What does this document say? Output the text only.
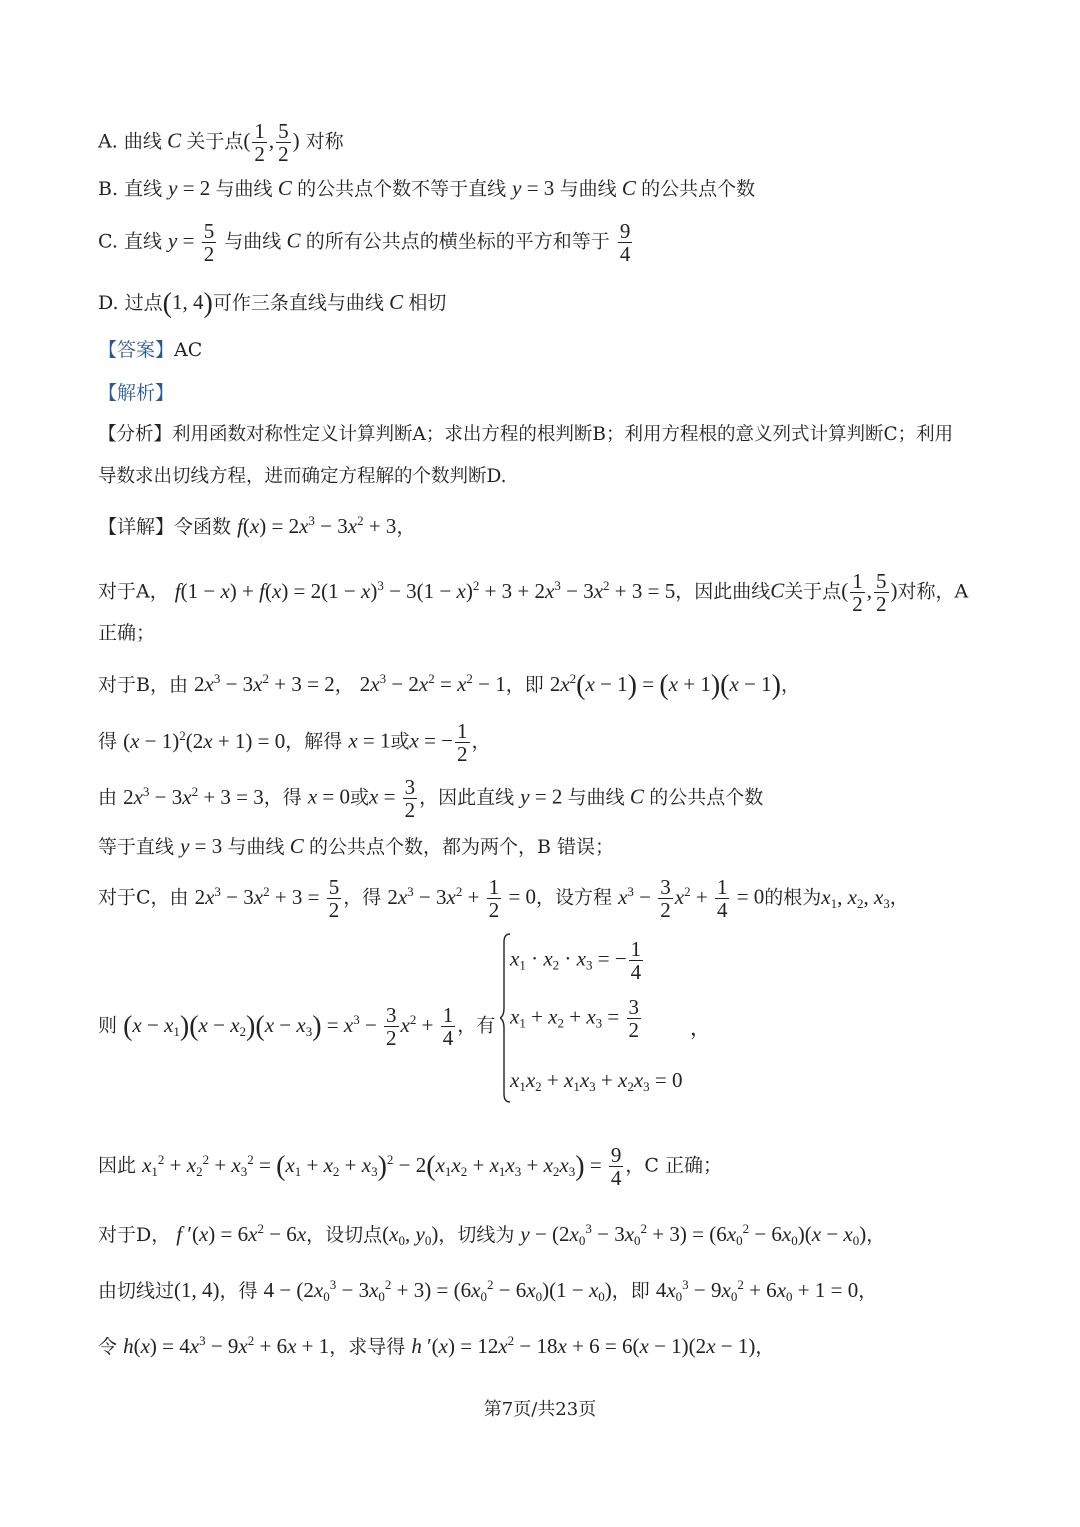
A. 曲线 C 关于点( $\frac{1}{2}$ , $\frac{5}{2}$ ) 对称
B. 直线 y = 2 与曲线 C 的公共点个数不等于直线 y = 3 与曲线 C 的公共点个数
C. 直线 $y = \frac{5}{2}$ 与曲线 C 的所有公共点的横坐标的平方和等于 $\frac{9}{4}$
D. 过点(1, 4)可作三条直线与曲线 C 相切
【答案】AC
【解析】
【分析】利用函数对称性定义计算判断A；求出方程的根判断B；利用方程根的意义列式计算判断C；利用
导数求出切线方程，进而确定方程解的个数判断D.
【详解】令函数 $f(x) = 2x^3 - 3x^2 + 3$，
对于A， $f(1 - x) + f(x) = 2(1 - x)^3 - 3(1 - x)^2 + 3 + 2x^3 - 3x^2 + 3 = 5$，因此曲线C关于点( $\frac{1}{2}$ , $\frac{5}{2}$ )对称，A
正确；
对于B，由 $2x^3 - 3x^2 + 3 = 2$， $2x^3 - 2x^2 = x^2 - 1$，即 $2x^2(x - 1) = (x + 1)(x - 1)$，
得 $(x - 1)^2(2x + 1) = 0$，解得 x = 1或x = − $\frac{1}{2}$ ，
由 $2x^3 - 3x^2 + 3 = 3$，得 x = 0或$x = \frac{3}{2}$ ，因此直线 y = 2 与曲线 C 的公共点个数
等于直线 y = 3 与曲线 C 的公共点个数，都为两个，B 错误；
对于C，由 $2x^3 - 3x^2 + 3 = \frac{5}{2}$ ，得 $2x^3 - 3x^2 + \frac{1}{2} = 0$，设方程 $x^3 - \frac{3}{2} x^2 + \frac{1}{4} = 0$的根为$x_1$, $x_2$, $x_3$，
则 $(x - x_1)(x - x_2)(x - x_3) = x^3 - \frac{3}{2} x^2 + \frac{1}{4}$ ，有
$x_1 \cdot x_2 \cdot x_3$ = − $\frac{1}{4}$
$x_1 + x_2 + x_3 = \frac{3}{2}$
$x_1x_2 + x_1x_3 + x_2x_3 = 0$
，
因此 $x_1^2 + x_2^2 + x_3^2 = (x_1 + x_2 + x_3)^2 - 2(x_1x_2 + x_1x_3 + x_2x_3) = \frac{9}{4}$ ，C 正确；
对于D， f $'(x) = 6x^2 - 6x$，设切点($x_0$, $y_0$)，切线为 $y - (2x_0^3 - 3x_0^2 + 3) = (6x_0^2 - 6x_0)(x - x_0)$，
由切线过(1, 4)，得 $4 - (2x_0^3 - 3x_0^2 + 3) = (6x_0^2 - 6x_0)(1 - x_0)$，即 $4x_0^3 - 9x_0^2 + 6x_0 + 1 = 0$，
令 $h(x) = 4x^3 - 9x^2 + 6x + 1$，求导得 h $'(x) = 12x^2 - 18x + 6 = 6(x - 1)(2x - 1)$，
第7页/共23页
